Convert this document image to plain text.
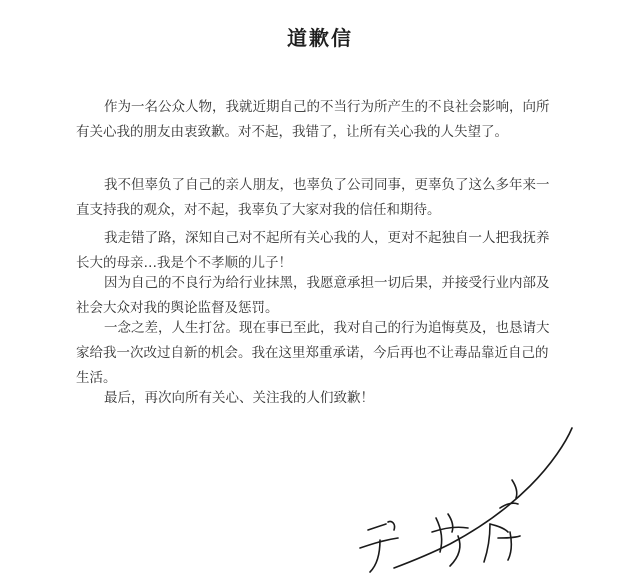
道歉信

作为一名公众人物，我就近期自己的不当行为所产生的不良社会影响，向所
有关心我的朋友由衷致歉。对不起，我错了，让所有关心我的人失望了。

我不但辜负了自己的亲人朋友，也辜负了公司同事，更辜负了这么多年来一
直支持我的观众，对不起，我辜负了大家对我的信任和期待。

我走错了路，深知自己对不起所有关心我的人，更对不起独自一人把我抚养
长大的母亲…我是个不孝顺的儿子！

因为自己的不良行为给行业抹黑，我愿意承担一切后果，并接受行业内部及
社会大众对我的舆论监督及惩罚。

一念之差，人生打岔。现在事已至此，我对自己的行为追悔莫及，也恳请大
家给我一次改过自新的机会。我在这里郑重承诺，今后再也不让毒品靠近自己的
生活。

最后，再次向所有关心、关注我的人们致歉！
